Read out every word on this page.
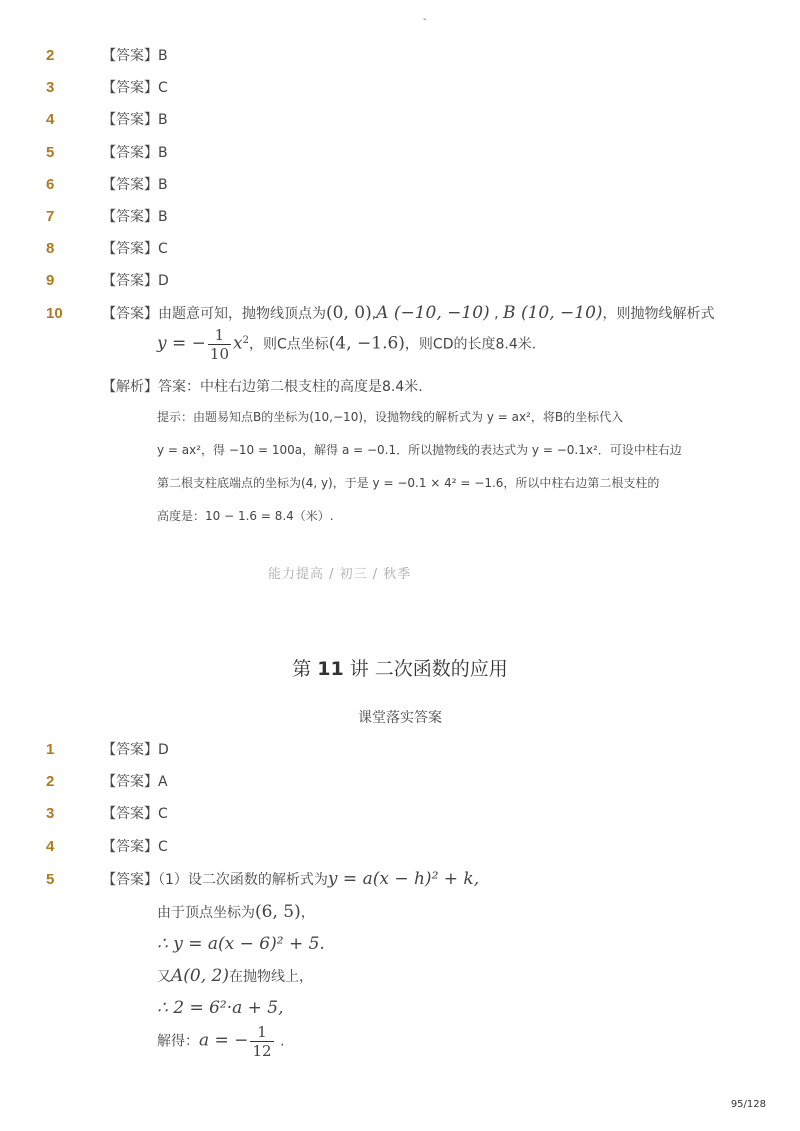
-
2	【答案】B
3	【答案】C
4	【答案】B
5	【答案】B
6	【答案】B
7	【答案】B
8	【答案】C
9	【答案】D
10	【答案】由题意可知，抛物线顶点为(0, 0),A (−10, −10) , B (10, −10)，则抛物线解析式
y = − $\frac{1}{10} x^2$，则C点坐标(4, −1.6)，则CD的长度8.4米.
【解析】答案：中柱右边第二根支柱的高度是8.4米.
提示：由题易知点B的坐标为(10,−10)，设抛物线的解析式为 y = ax²，将B的坐标代入
y = ax²，得 −10 = 100a，解得 a = −0.1．所以抛物线的表达式为 y = −0.1x²．可设中柱右边
第二根支柱底端点的坐标为(4, y)，于是 y = −0.1 × 4² = −1.6，所以中柱右边第二根支柱的
高度是：10 − 1.6 = 8.4（米）.
能力提高 / 初三 / 秋季
第 11 讲 二次函数的应用
课堂落实答案
1	【答案】D
2	【答案】A
3	【答案】C
4	【答案】C
5	【答案】（1）设二次函数的解析式为y = a(x − h)² + k,
由于顶点坐标为(6, 5)，
∴ y = a(x − 6)² + 5.
又A(0, 2)在抛物线上，
∴ 2 = 6²·a + 5,
解得：a = − $\frac{1}{12}$ .
95/128
